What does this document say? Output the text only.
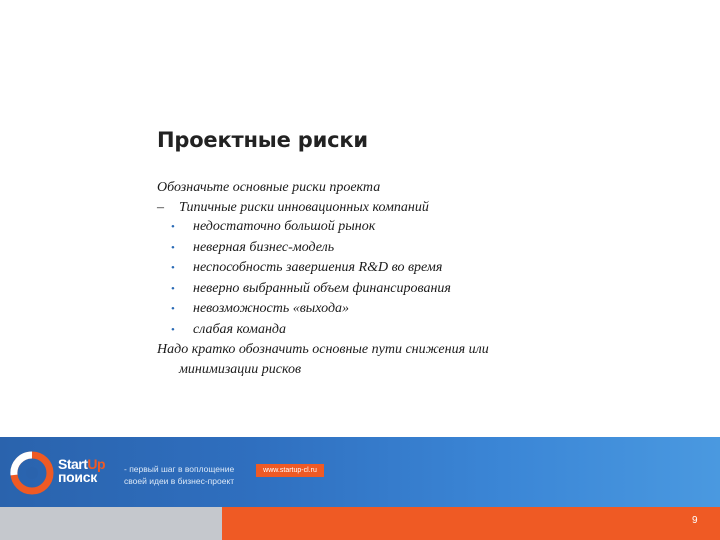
Проектные риски
Обозначьте основные риски проекта
– Типичные риски инновационных компаний
• недостаточно большой рынок
• неверная бизнес-модель
• неспособность завершения R&D во время
• неверно выбранный объем финансирования
• невозможность «выхода»
• слабая команда
Надо кратко обозначить основные пути снижения или
минимизации рисков
StartUp
поиск	- первый шаг в воплощение
своей идеи в бизнес-проект
www.startup-cl.ru
9
